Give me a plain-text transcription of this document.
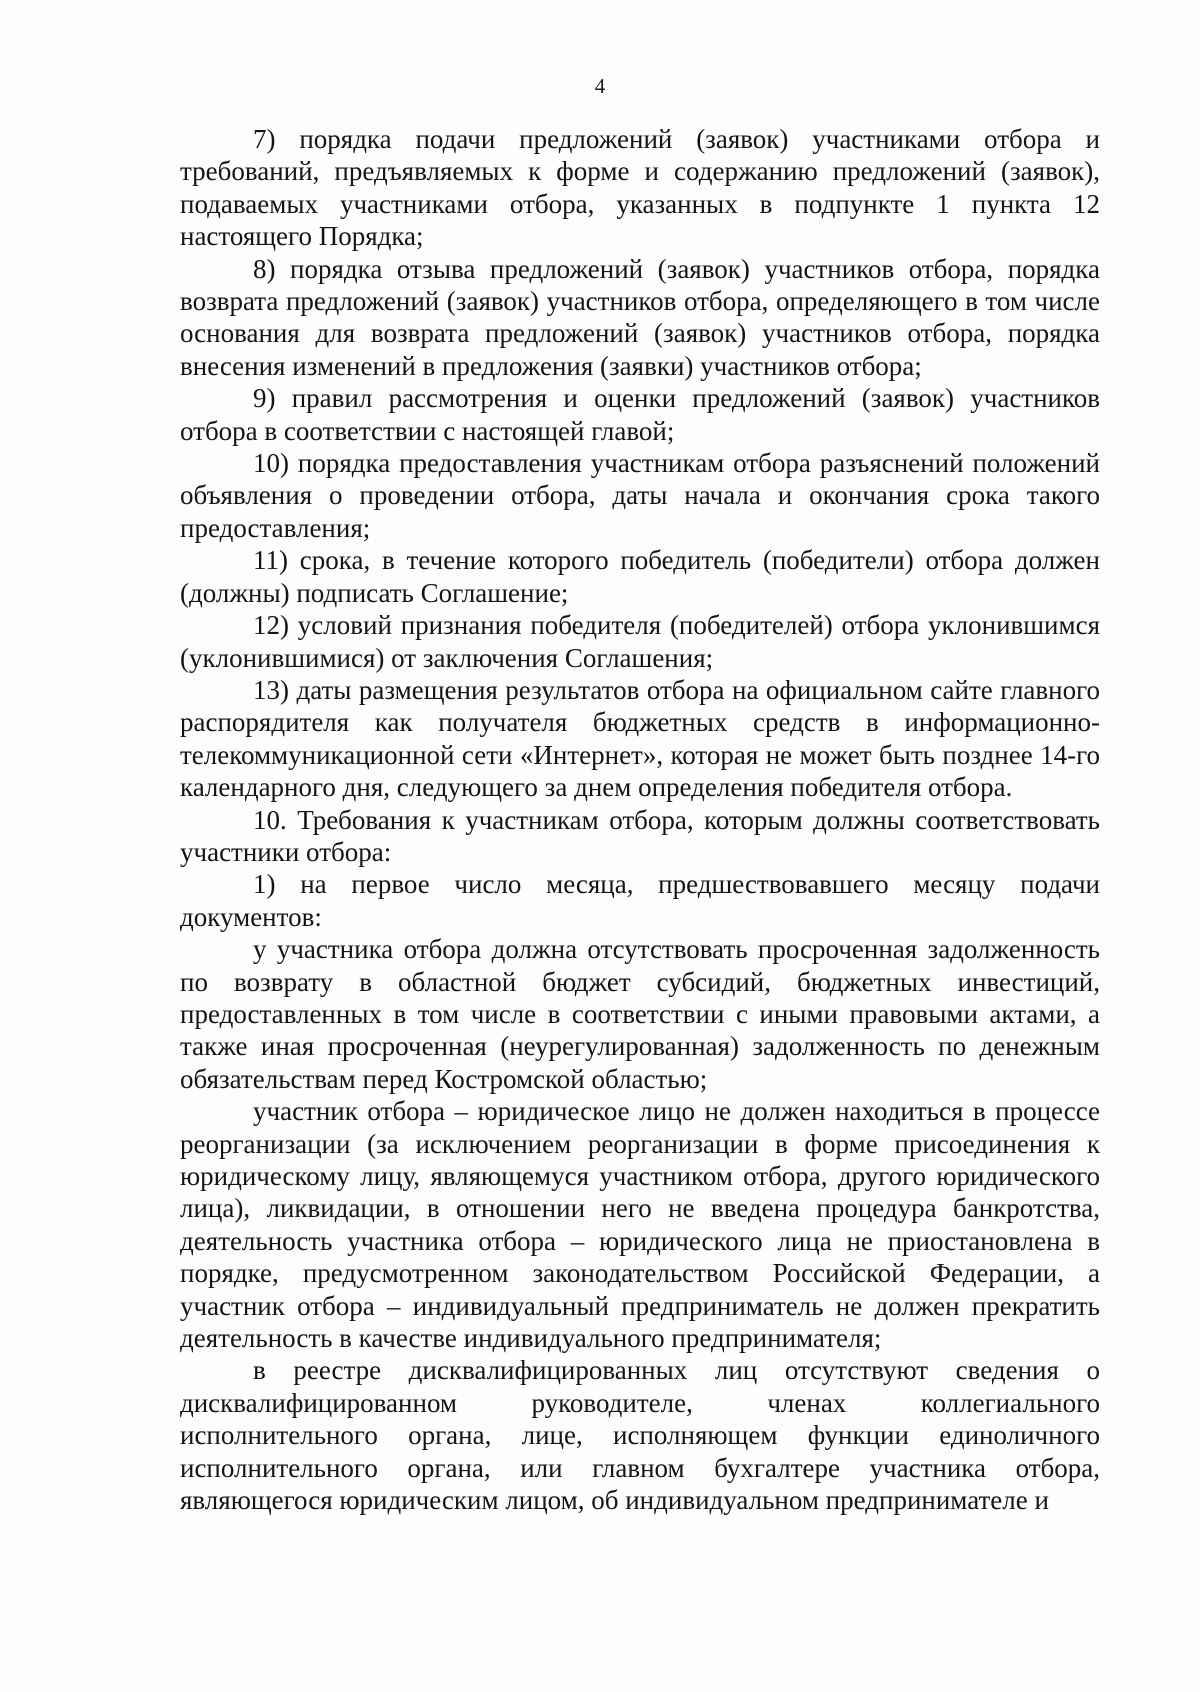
4

7) порядка подачи предложений (заявок) участниками отбора и требований, предъявляемых к форме и содержанию предложений (заявок), подаваемых участниками отбора, указанных в подпункте 1 пункта 12 настоящего Порядка;

8) порядка отзыва предложений (заявок) участников отбора, порядка возврата предложений (заявок) участников отбора, определяющего в том числе основания для возврата предложений (заявок) участников отбора, порядка внесения изменений в предложения (заявки) участников отбора;

9) правил рассмотрения и оценки предложений (заявок) участников отбора в соответствии с настоящей главой;

10) порядка предоставления участникам отбора разъяснений положений объявления о проведении отбора, даты начала и окончания срока такого предоставления;

11) срока, в течение которого победитель (победители) отбора должен (должны) подписать Соглашение;

12) условий признания победителя (победителей) отбора уклонившимся (уклонившимися) от заключения Соглашения;

13) даты размещения результатов отбора на официальном сайте главного распорядителя как получателя бюджетных средств в информационно-телекоммуникационной сети «Интернет», которая не может быть позднее 14-го календарного дня, следующего за днем определения победителя отбора.

10. Требования к участникам отбора, которым должны соответствовать участники отбора:

1) на первое число месяца, предшествовавшего месяцу подачи документов:

у участника отбора должна отсутствовать просроченная задолженность по возврату в областной бюджет субсидий, бюджетных инвестиций, предоставленных в том числе в соответствии с иными правовыми актами, а также иная просроченная (неурегулированная) задолженность по денежным обязательствам перед Костромской областью;

участник отбора – юридическое лицо не должен находиться в процессе реорганизации (за исключением реорганизации в форме присоединения к юридическому лицу, являющемуся участником отбора, другого юридического лица), ликвидации, в отношении него не введена процедура банкротства, деятельность участника отбора – юридического лица не приостановлена в порядке, предусмотренном законодательством Российской Федерации, а участник отбора – индивидуальный предприниматель не должен прекратить деятельность в качестве индивидуального предпринимателя;

в реестре дисквалифицированных лиц отсутствуют сведения о дисквалифицированном руководителе, членах коллегиального исполнительного органа, лице, исполняющем функции единоличного исполнительного органа, или главном бухгалтере участника отбора, являющегося юридическим лицом, об индивидуальном предпринимателе и
